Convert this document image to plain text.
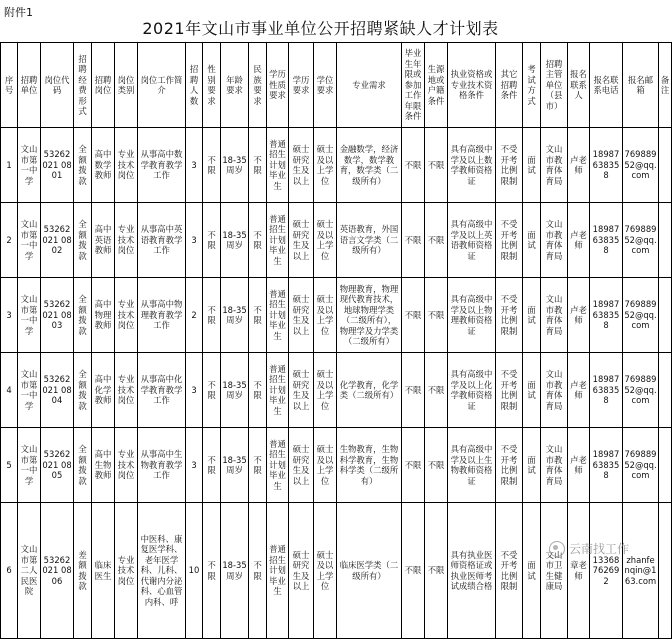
附件1
2021年文山市事业单位公开招聘紧缺人才计划表
序号	招聘单位	岗位代码	招聘经费形式	招聘岗位	岗位类别	岗位工作简介	招聘人数	性别要求	年龄要求	民族要求	学历性质要求	学历要求	学位要求	专业需求	毕业生年限或参加工作年限条件	生源地或户籍条件	执业资格或专业技术资格条件	其它招聘条件	考试方式	招聘主管单位（县市）	报名联系人	报名联系电话	报名邮箱	备注
1	文山市第一中学	53262021 0801	全额拨款	高中数学教师	专业技术岗位	从事高中数学教育教学工作	3	不限	18-35周岁	不限	普通招生计划毕业生	硕士研究生及以上	硕士及以上学位	金融数学，经济数学，数学教育，数学类（二级所有）	不限	不限	具有高级中学及以上数学教师资格证	不受开考比例限制	面试	文山市教育体育局	卢老师	18987638358	76988952@qq.com	
2	文山市第一中学	53262021 0802	全额拨款	高中英语教师	专业技术岗位	从事高中英语教育教学工作	3	不限	18-35周岁	不限	普通招生计划毕业生	硕士研究生及以上	硕士及以上学位	英语教育，外国语言文学类（二级所有）	不限	不限	具有高级中学及以上英语教师资格证	不受开考比例限制	面试	文山市教育体育局	卢老师	18987638358	76988952@qq.com	
3	文山市第一中学	53262021 0803	全额拨款	高中物理教师	专业技术岗位	从事高中物理教育教学工作	2	不限	18-35周岁	不限	普通招生计划毕业生	硕士研究生及以上	硕士及以上学位	物理教育，物理现代教育技术，地球物理学类（二级所有），物理学及力学类（二级所有）	不限	不限	具有高级中学及以上物理教师资格证	不受开考比例限制	面试	文山市教育体育局	卢老师	18987638358	76988952@qq.com	
4	文山市第一中学	53262021 0804	全额拨款	高中化学教师	专业技术岗位	从事高中化学教育教学工作	3	不限	18-35周岁	不限	普通招生计划毕业生	硕士研究生及以上	硕士及以上学位	化学教育，化学类（二级所有）	不限	不限	具有高级中学及以上化学教师资格证	不受开考比例限制	面试	文山市教育体育局	卢老师	18987638358	76988952@qq.com	
5	文山市第一中学	53262021 0805	全额拨款	高中生物教师	专业技术岗位	从事高中生物教育教学工作	3	不限	18-35周岁	不限	普通招生计划毕业生	硕士研究生及以上	硕士及以上学位	生物教育，生物科学教育，生物科学类（二级所有）	不限	不限	具有高级中学及以上生物教师资格证	不受开考比例限制	面试	文山市教育体育局	卢老师	18987638358	76988952@qq.com	
6	文山市第二人民医院	53262021 0806	差额拨款	临床医生	专业技术岗位	中医科、康复医学科、老年医学科、儿科、代谢内分泌科、心血管内科、呼	10	不限	18-35周岁	不限	普通招生计划毕业生	硕士研究生及以上	硕士及以上学位	临床医学类（二级所有）	不限	不限	具有执业医师资格证或执业医师考试成绩合格	不受开考比例限制	面试	文山市卫生健康局	章老师	13368762692	zhanfenqin@163.com	
云南找工作
